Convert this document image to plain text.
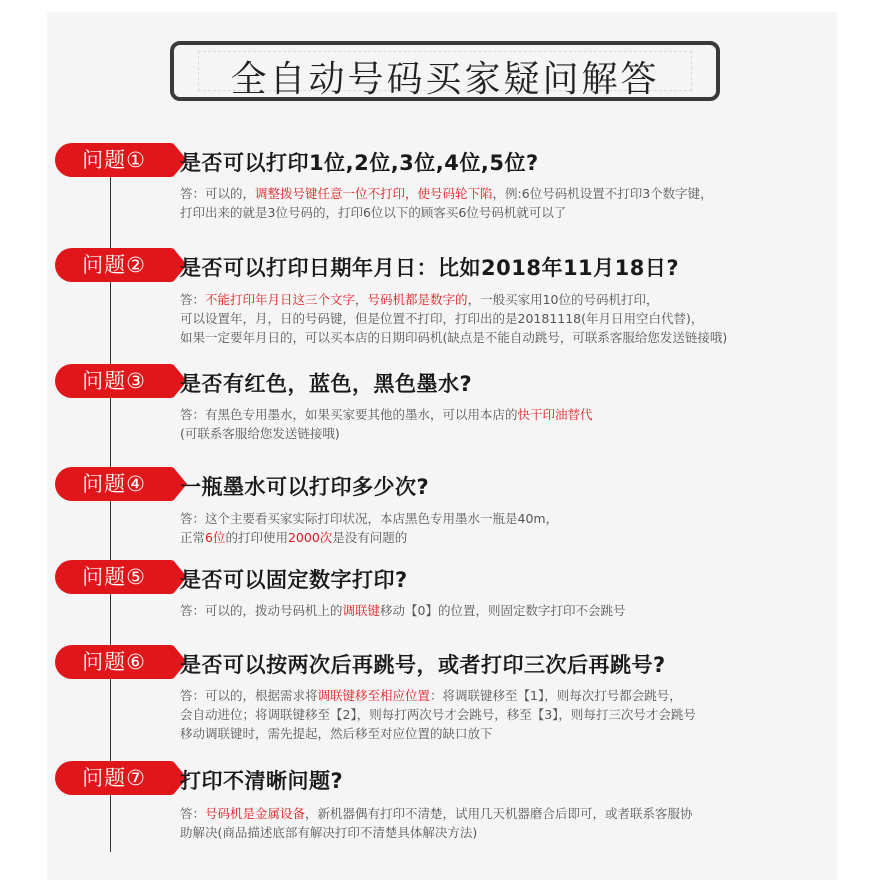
全自动号码买家疑问解答
问题①	是否可以打印1位,2位,3位,4位,5位?
答：可以的，调整拨号键任意一位不打印，使号码轮下陷，例:6位号码机设置不打印3个数字键，
打印出来的就是3位号码的，打印6位以下的顾客买6位号码机就可以了
问题②	是否可以打印日期年月日：比如2018年11月18日?
答：不能打印年月日这三个文字，号码机都是数字的，一般买家用10位的号码机打印，
可以设置年，月，日的号码键，但是位置不打印，打印出的是20181118(年月日用空白代替)，
如果一定要年月日的，可以买本店的日期印码机(缺点是不能自动跳号，可联系客服给您发送链接哦)
问题③	是否有红色，蓝色，黑色墨水?
答：有黑色专用墨水，如果买家要其他的墨水，可以用本店的快干印油替代
(可联系客服给您发送链接哦)
问题④	一瓶墨水可以打印多少次?
答：这个主要看买家实际打印状况，本店黑色专用墨水一瓶是40m，
正常6位的打印使用2000次是没有问题的
问题⑤	是否可以固定数字打印?
答：可以的，拨动号码机上的调联键移动【0】的位置，则固定数字打印不会跳号
问题⑥	是否可以按两次后再跳号，或者打印三次后再跳号?
答：可以的，根据需求将调联键移至相应位置：将调联键移至【1】，则每次打号都会跳号，
会自动进位；将调联键移至【2】，则每打两次号才会跳号，移至【3】，则每打三次号才会跳号
移动调联键时，需先提起，然后移至对应位置的缺口放下
问题⑦	打印不清晰问题?
答：号码机是金属设备，新机器偶有打印不清楚，试用几天机器磨合后即可，或者联系客服协
助解决(商品描述底部有解决打印不清楚具体解决方法)
